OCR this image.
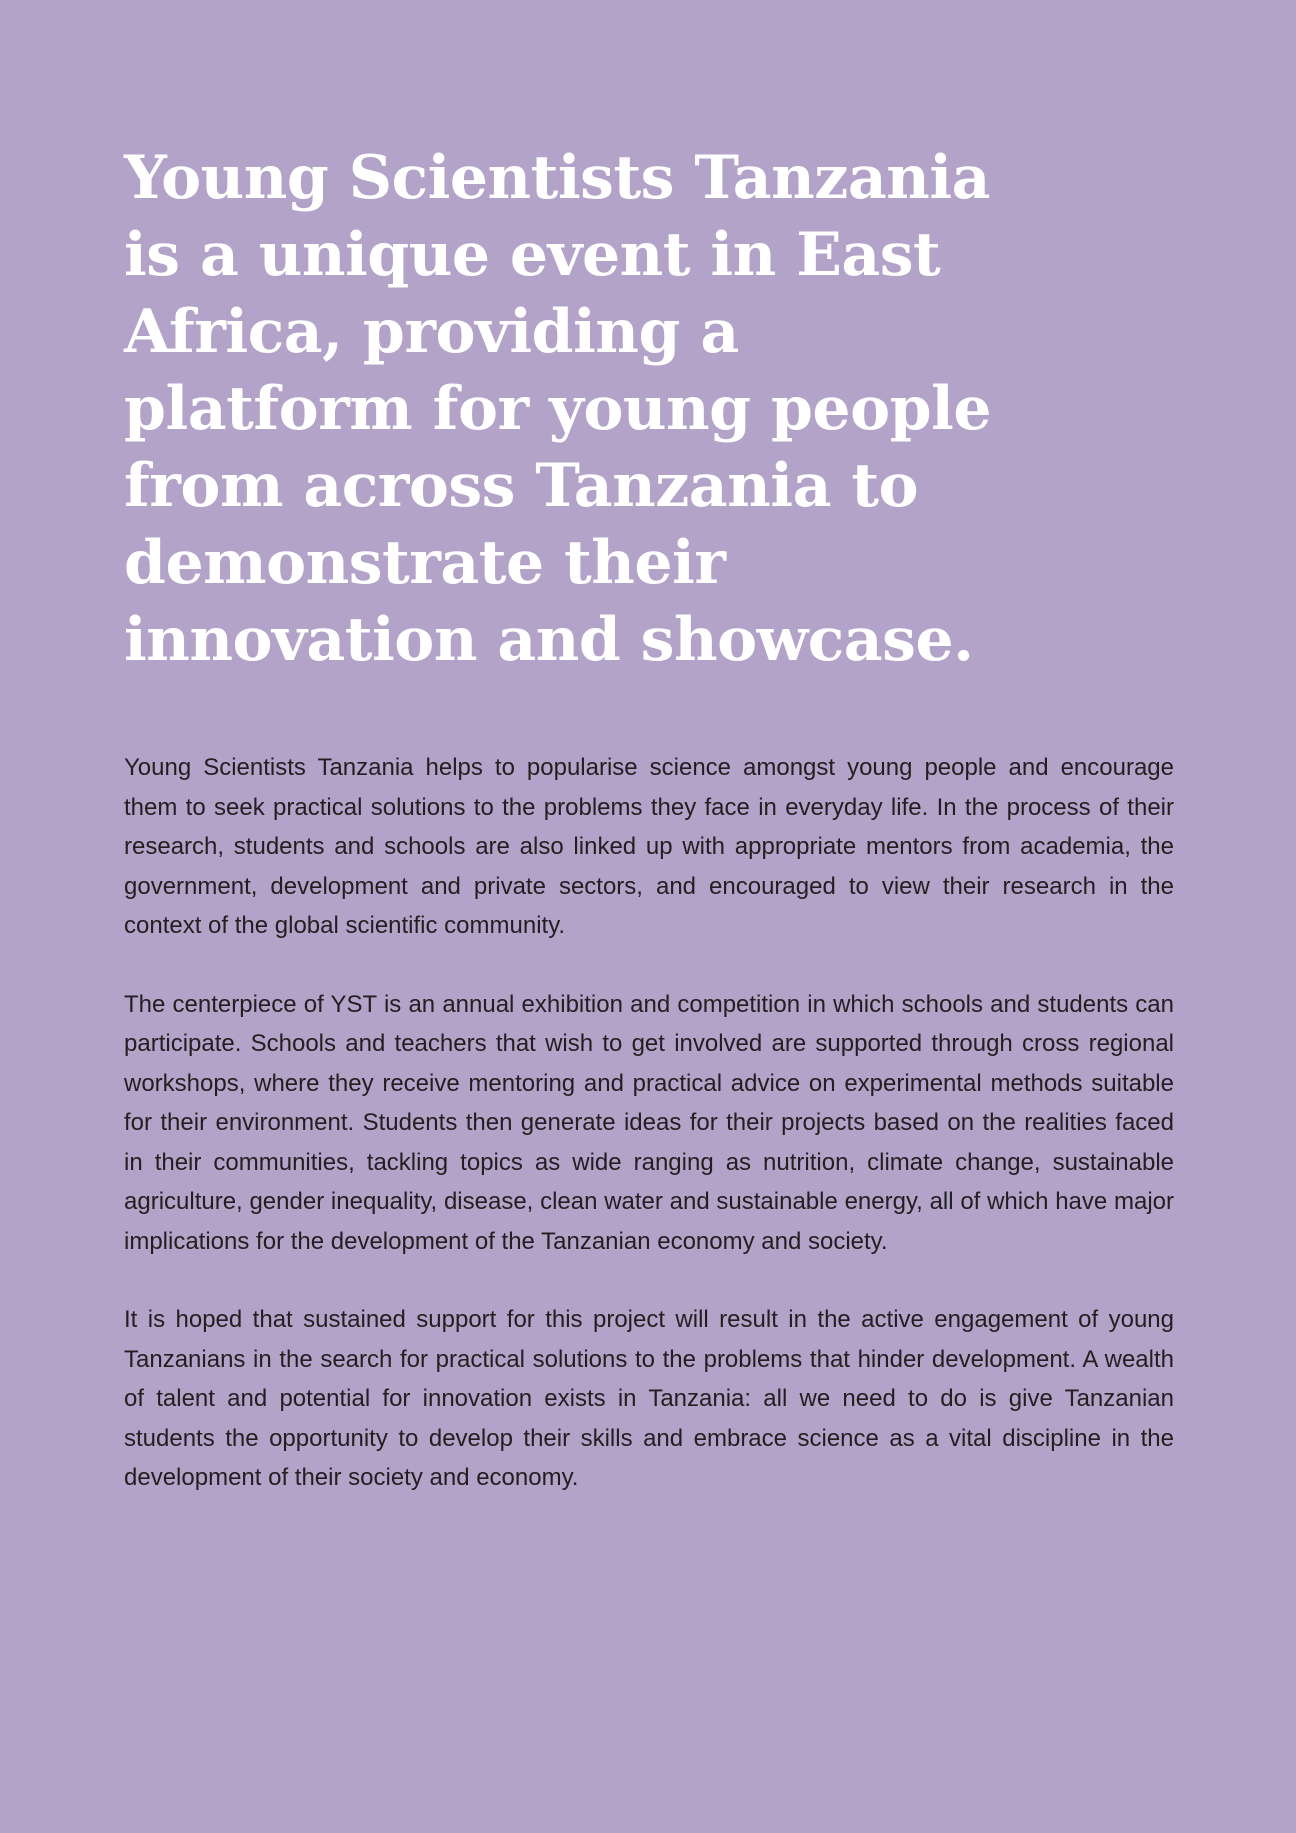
Young Scientists Tanzania
is a unique event in East
Africa, providing a
platform for young people
from across Tanzania to
demonstrate their
innovation and showcase.

Young Scientists Tanzania helps to popularise science amongst young people and encourage them to seek practical solutions to the problems they face in everyday life. In the process of their research, students and schools are also linked up with appropriate mentors from academia, the government, development and private sectors, and encouraged to view their research in the context of the global scientific community.

The centerpiece of YST is an annual exhibition and competition in which schools and students can participate. Schools and teachers that wish to get involved are supported through cross regional workshops, where they receive mentoring and practical advice on experimental methods suitable for their environment. Students then generate ideas for their projects based on the realities faced in their communities, tackling topics as wide ranging as nutrition, climate change, sustainable agriculture, gender inequality, disease, clean water and sustainable energy, all of which have major implications for the development of the Tanzanian economy and society.

It is hoped that sustained support for this project will result in the active engagement of young Tanzanians in the search for practical solutions to the problems that hinder development. A wealth of talent and potential for innovation exists in Tanzania: all we need to do is give Tanzanian students the opportunity to develop their skills and embrace science as a vital discipline in the development of their society and economy.
